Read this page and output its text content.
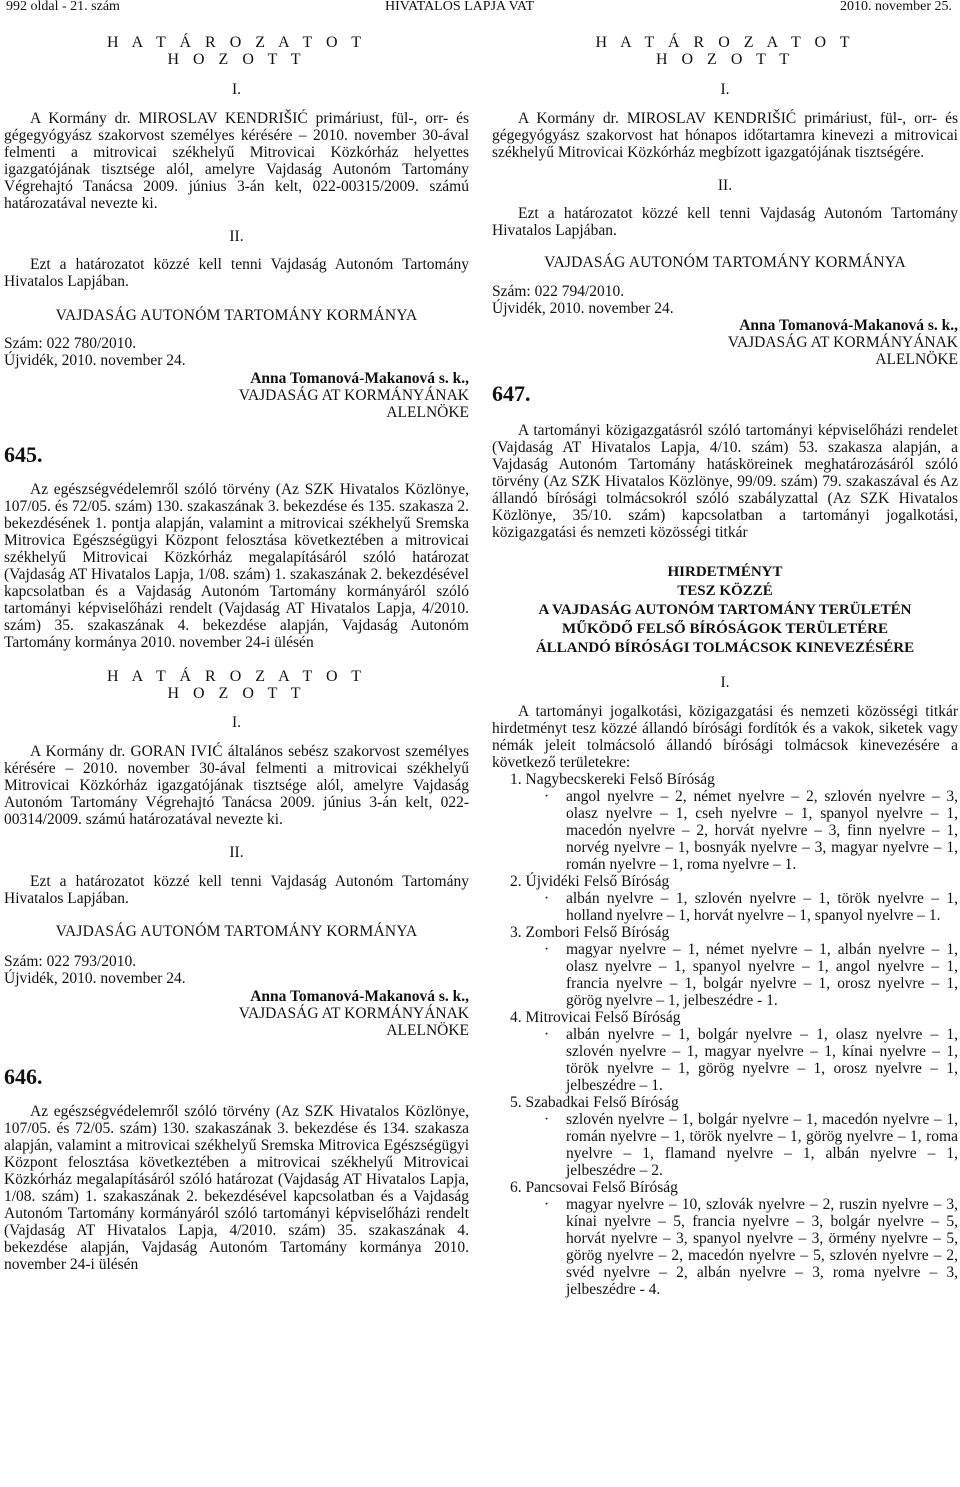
992 oldal - 21. szám	HIVATALOS LAPJA VAT	2010. november 25.

H A T Á R O Z A T O T

H O Z O T T

I.

A Kormány dr. MIROSLAV KENDRIŠIĆ primáriust, fül-, orr- és gégegyógyász szakorvost személyes kérésére – 2010. november 30-ával felmenti a mitrovicai székhelyű Mitrovicai Közkórház helyettes igazgatójának tisztsége alól, amelyre Vajdaság Autonóm Tartomány Végrehajtó Tanácsa 2009. június 3-án kelt, 022-00315/2009. számú határozatával nevezte ki.

II.

Ezt a határozatot közzé kell tenni Vajdaság Autonóm Tartomány Hivatalos Lapjában.

VAJDASÁG AUTONÓM TARTOMÁNY KORMÁNYA

Szám: 022 780/2010.

Újvidék, 2010. november 24.

Anna Tomanová-Makanová s. k.,

VAJDASÁG AT KORMÁNYÁNAK

ALELNÖKE

645.

Az egészségvédelemről szóló törvény (Az SZK Hivatalos Közlönye, 107/05. és 72/05. szám) 130. szakaszának 3. bekezdése és 135. szakasza 2. bekezdésének 1. pontja alapján, valamint a mitrovicai székhelyű Sremska Mitrovica Egészségügyi Központ felosztása következtében a mitrovicai székhelyű Mitrovicai Közkórház megalapításáról szóló határozat (Vajdaság AT Hivatalos Lapja, 1/08. szám) 1. szakaszának 2. bekezdésével kapcsolatban és a Vajdaság Autonóm Tartomány kormányáról szóló tartományi képviselőházi rendelt (Vajdaság AT Hivatalos Lapja, 4/2010. szám) 35. szakaszának 4. bekezdése alapján, Vajdaság Autonóm Tartomány kormánya 2010. november 24-i ülésén

H A T Á R O Z A T O T

H O Z O T T

I.

A Kormány dr. GORAN IVIĆ általános sebész szakorvost személyes kérésére – 2010. november 30-ával felmenti a mitrovicai székhelyű Mitrovicai Közkórház igazgatójának tisztsége alól, amelyre Vajdaság Autonóm Tartomány Végrehajtó Tanácsa 2009. június 3-án kelt, 022-00314/2009. számú határozatával nevezte ki.

II.

Ezt a határozatot közzé kell tenni Vajdaság Autonóm Tartomány Hivatalos Lapjában.

VAJDASÁG AUTONÓM TARTOMÁNY KORMÁNYA

Szám: 022 793/2010.

Újvidék, 2010. november 24.

Anna Tomanová-Makanová s. k.,

VAJDASÁG AT KORMÁNYÁNAK

ALELNÖKE

646.

Az egészségvédelemről szóló törvény (Az SZK Hivatalos Közlönye, 107/05. és 72/05. szám) 130. szakaszának 3. bekezdése és 134. szakasza alapján, valamint a mitrovicai székhelyű Sremska Mitrovica Egészségügyi Központ felosztása következtében a mitrovicai székhelyű Mitrovicai Közkórház megalapításáról szóló határozat (Vajdaság AT Hivatalos Lapja, 1/08. szám) 1. szakaszának 2. bekezdésével kapcsolatban és a Vajdaság Autonóm Tartomány kormányáról szóló tartományi képviselőházi rendelt (Vajdaság AT Hivatalos Lapja, 4/2010. szám) 35. szakaszának 4. bekezdése alapján, Vajdaság Autonóm Tartomány kormánya 2010. november 24-i ülésén

H A T Á R O Z A T O T

H O Z O T T

I.

A Kormány dr. MIROSLAV KENDRIŠIĆ primáriust, fül-, orr- és gégegyógyász szakorvost hat hónapos időtartamra kinevezi a mitrovicai székhelyű Mitrovicai Közkórház megbízott igazgatójának tisztségére.

II.

Ezt a határozatot közzé kell tenni Vajdaság Autonóm Tartomány Hivatalos Lapjában.

VAJDASÁG AUTONÓM TARTOMÁNY KORMÁNYA

Szám: 022 794/2010.

Újvidék, 2010. november 24.

Anna Tomanová-Makanová s. k.,

VAJDASÁG AT KORMÁNYÁNAK

ALELNÖKE

647.

A tartományi közigazgatásról szóló tartományi képviselőházi rendelet (Vajdaság AT Hivatalos Lapja, 4/10. szám) 53. szakasza alapján, a Vajdaság Autonóm Tartomány hatásköreinek meghatározásáról szóló törvény (Az SZK Hivatalos Közlönye, 99/09. szám) 79. szakaszával és Az állandó bírósági tolmácsokról szóló szabályzattal (Az SZK Hivatalos Közlönye, 35/10. szám) kapcsolatban a tartományi jogalkotási, közigazgatási és nemzeti közösségi titkár

HIRDETMÉNYT

TESZ KÖZZÉ

A VAJDASÁG AUTONÓM TARTOMÁNY TERÜLETÉN

MŰKÖDŐ FELSŐ BÍRÓSÁGOK TERÜLETÉRE

ÁLLANDÓ BÍRÓSÁGI TOLMÁCSOK KINEVEZÉSÉRE

I.

A tartományi jogalkotási, közigazgatási és nemzeti közösségi titkár hirdetményt tesz közzé állandó bírósági fordítók és a vakok, siketek vagy némák jeleit tolmácsoló állandó bírósági tolmácsok kinevezésére a következő területekre:

1. Nagybecskereki Felső Bíróság

· angol nyelvre – 2, német nyelvre – 2, szlovén nyelvre – 3, olasz nyelvre – 1, cseh nyelvre – 1, spanyol nyelvre – 1, macedón nyelvre – 2, horvát nyelvre – 3, finn nyelvre – 1, norvég nyelvre – 1, bosnyák nyelvre – 3, magyar nyelvre – 1, román nyelvre – 1, roma nyelvre – 1.

2. Újvidéki Felső Bíróság

· albán nyelvre – 1, szlovén nyelvre – 1, török nyelvre – 1, holland nyelvre – 1, horvát nyelvre – 1, spanyol nyelvre – 1.

3. Zombori Felső Bíróság

· magyar nyelvre – 1, német nyelvre – 1, albán nyelvre – 1, olasz nyelvre – 1, spanyol nyelvre – 1, angol nyelvre – 1, francia nyelvre – 1, bolgár nyelvre – 1, orosz nyelvre – 1, görög nyelvre – 1, jelbeszédre - 1.

4. Mitrovicai Felső Bíróság

· albán nyelvre – 1, bolgár nyelvre – 1, olasz nyelvre – 1, szlovén nyelvre – 1, magyar nyelvre – 1, kínai nyelvre – 1, török nyelvre – 1, görög nyelvre – 1, orosz nyelvre – 1, jelbeszédre – 1.

5. Szabadkai Felső Bíróság

· szlovén nyelvre – 1, bolgár nyelvre – 1, macedón nyelvre – 1, román nyelvre – 1, török nyelvre – 1, görög nyelvre – 1, roma nyelvre – 1, flamand nyelvre – 1, albán nyelvre – 1, jelbeszédre – 2.

6. Pancsovai Felső Bíróság

· magyar nyelvre – 10, szlovák nyelvre – 2, ruszin nyelvre – 3, kínai nyelvre – 5, francia nyelvre – 3, bolgár nyelvre – 5, horvát nyelvre – 3, spanyol nyelvre – 3, örmény nyelvre – 5, görög nyelvre – 2, macedón nyelvre – 5, szlovén nyelvre – 2, svéd nyelvre – 2, albán nyelvre – 3, roma nyelvre – 3, jelbeszédre - 4.
